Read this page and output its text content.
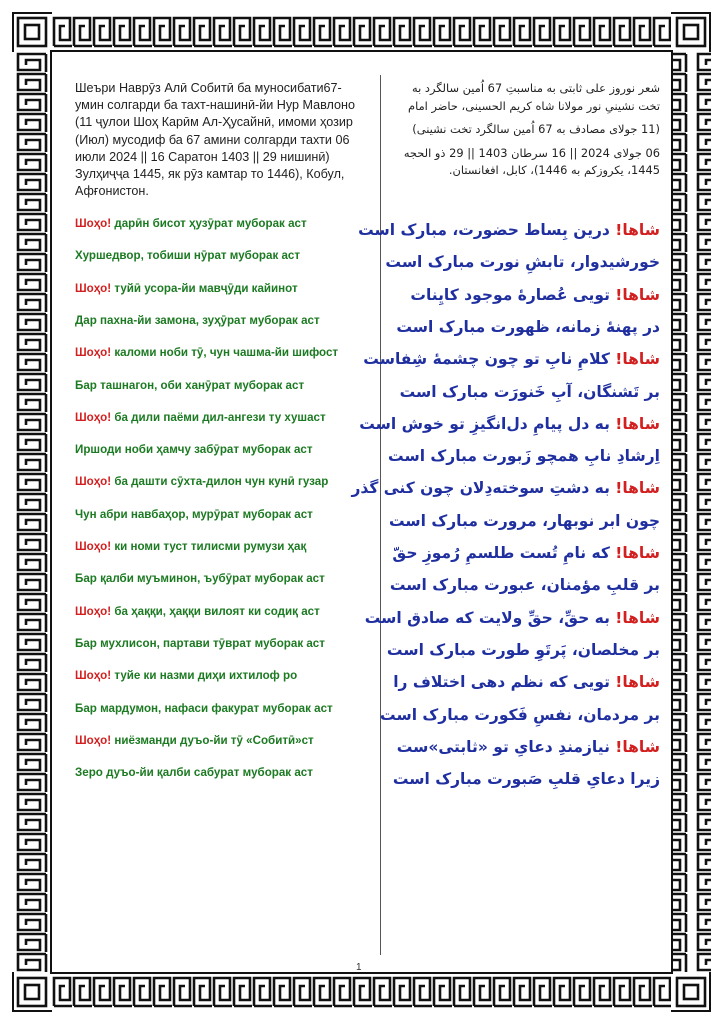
Шеъри Наврӯз Алӣ Собитӣ ба муносибати67-умин солгарди ба тахт-нашинӣ-йи Нур Мавлоно (11 ҷулои Шоҳ Карӣм Ал-Ҳусайнӣ, имоми ҳозир (Июл) мусодиф ба 67 амини солгарди тахти 06 июли 2024 || 16 Саратон 1403 || 29 нишинӣ) Зулҳиҷҷа 1445, як рӯз камтар то 1446), Кобул, Афғонистон.

Шоҳо! дарӣн бисот ҳузӯрат муборак аст
Хуршедвор, тобиши нӯрат муборак аст
Шоҳо! туйӣ усора-йи мавҷӯди кайинот
Дар пахна-йи замона, зуҳӯрат муборак аст
Шоҳо! каломи ноби тӯ, чун чашма-йи шифост
Бар ташнагон, оби ханӯрат муборак аст
Шоҳо! ба дили паёми дил-ангези ту хушаст
Иршоди ноби ҳамчу забӯрат муборак аст
Шоҳо! ба дашти сӯхта-дилон чун кунӣ гузар
Чун абри навбаҳор, мурӯрат муборак аст
Шоҳо! ки номи туст тилисми румузи ҳақ
Бар қалби муъминон, ъубӯрат муборак аст
Шоҳо! ба ҳаққи, ҳаққи вилоят ки содиқ аст
Бар мухлисон, партави тӯврат муборак аст
Шоҳо! туйе ки назми диҳи ихтилоф ро
Бар мардумон, нафаси факурат муборак аст
Шоҳо! ниёзманди дуъо-йи тӯ «Собитӣ»ст
Зеро дуъо-йи қалби сабурат муборак аст

شعر نوروز علی ثابتی به مناسبتِ 67 اُمین سالگرد به تخت نشینیِ نور مولانا شاه کریم الحسینی، حاضر امام

(11 جولای مصادف به 67 اُمین سالگرد تخت نشینی)

06 جولای 2024 || 16 سرطان 1403 || 29 ذو الحجه 1445، یکروزکم به 1446)، کابل، افغانستان.

شاها! درین بِساط حضورت، مبارک است
خورشیدوار، تابشِ نورت مبارک است
شاها! تویی عُصارهٔ موجود کایِنات
در پهنهٔ زمانه، ظهورت مبارک است
شاها! کلامِ نابِ تو چون چشمهٔ شِفاست
بر تَشنگان، آبِ خَنورَت مبارک است
شاها! به دل پیامِ دل‌انگیزِ تو خوش است
اِرشادِ نابِ همچو زَبورت مبارک است
شاها! به دشتِ سوخته‌دِلان چون کنی گذر
چون ابر نوبهار، مرورت مبارک است
شاها! که نامِ تُست طلسمِ رُموزِ حقّ
بر قلبِ مؤمنان، عبورت مبارک است
شاها! به حقِّ، حقِّ ولایت که صادق است
بر مخلصان، پَرتَوِ طورت مبارک است
شاها! تویی که نظم دهی اختلاف را
بر مردمان، نفسِ فَکورت مبارک است
شاها! نیازمندِ دعایِ تو «ثابتی»ست
زیرا دعایِ قلبِ صَبورت مبارک است
1
